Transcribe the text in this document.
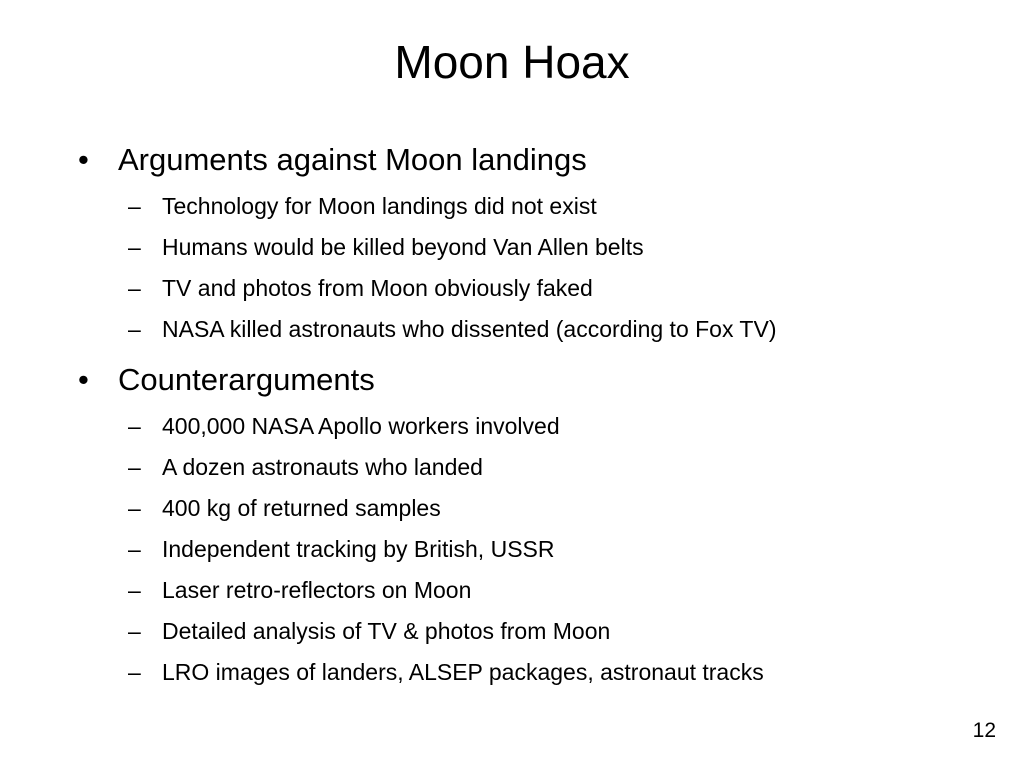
Moon Hoax
• Arguments against Moon landings
– Technology for Moon landings did not exist
– Humans would be killed beyond Van Allen belts
– TV and photos from Moon obviously faked
– NASA killed astronauts who dissented (according to Fox TV)
• Counterarguments
– 400,000 NASA Apollo workers involved
– A dozen astronauts who landed
– 400 kg of returned samples
– Independent tracking by British, USSR
– Laser retro-reflectors on Moon
– Detailed analysis of TV & photos from Moon
– LRO images of landers, ALSEP packages, astronaut tracks
12
